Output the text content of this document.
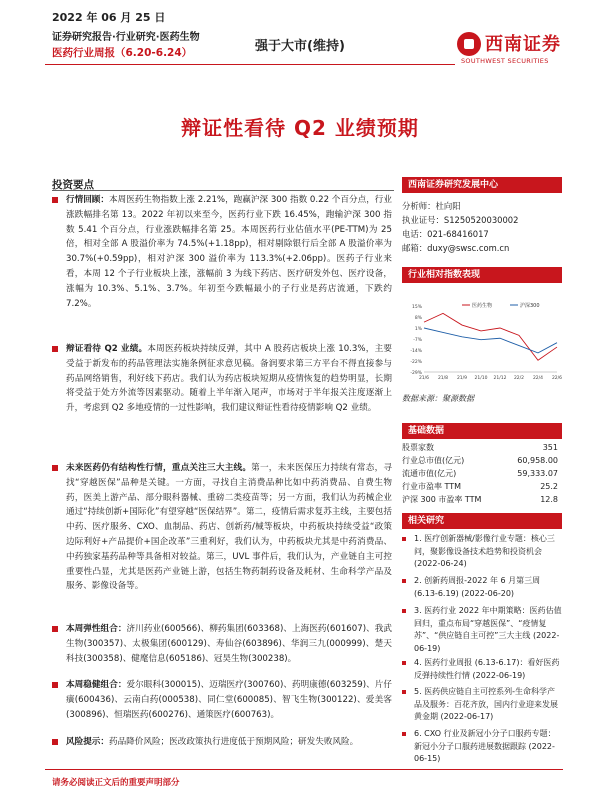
2022 年 06 月 25 日
证券研究报告·行业研究·医药生物
医药行业周报（6.20-6.24）	强于大市(维持)	西南证券
SOUTHWEST SECURITIES
辩证性看待 Q2 业绩预期
投资要点
行情回顾：本周医药生物指数上涨 2.21%，跑赢沪深 300 指数 0.22 个百分点，行业涨跌幅排名第 13。2022 年初以来至今，医药行业下跌 16.45%，跑输沪深 300 指数 5.41 个百分点，行业涨跌幅排名第 25。本周医药行业估值水平(PE-TTM)为 25 倍，相对全部 A 股溢价率为 74.5%(+1.18pp)，相对剔除银行后全部 A 股溢价率为 30.7%(+0.59pp)，相对沪深 300 溢价率为 113.3%(+2.06pp)。医药子行业来看，本周 12 个子行业板块上涨，涨幅前 3 为线下药店、医疗研发外包、医疗设备，涨幅为 10.3%、5.1%、3.7%。年初至今跌幅最小的子行业是药店流通，下跌约 7.2%。
辩证看待 Q2 业绩。本周医药板块持续反弹，其中 A 股药店板块上涨 10.3%，主要受益于新发布的药品管理法实施条例征求意见稿。备润要求第三方平台不得直接参与药品网络销售，利好线下药店。我们认为药店板块短期从疫情恢复的趋势明显，长期将受益于处方外流等因素驱动。随着上半年渐入尾声，市场对于半年报关注度逐渐上升，考虑到 Q2 多地疫情的一过性影响，我们建议辩证性看待疫情影响 Q2 业绩。
未来医药仍有结构性行情，重点关注三大主线。第一，未来医保压力持续有常态，寻找“穿越医保”品种是关键。一方面，寻找自主消费品种比如中药消费品、自费生物药，医美上游产品、部分眼科器械、重磅二类疫苗等；另一方面，我们认为药械企业通过“持续创新+国际化”有望穿越“医保结界”。第二，疫情后需求复苏主线，主要包括中药、医疗服务、CXO、血制品、药店、创新药/械等板块，中药板块持续受益“政策边际利好+产品提价+国企改革”三重利好，我们认为，中药板块尤其是中药消费品、中药独家基药品种等具备相对较益。第三，UVL 事件后，我们认为，产业链自主可控重要性凸显，尤其是医药产业链上游，包括生物药制药设备及耗材、生命科学产品及服务、影像设备等。
本周弹性组合：济川药业(600566)、柳药集团(603368)、上海医药(601607)、我武生物(300357)、太极集团(600129)、寿仙谷(603896)、华润三九(000999)、楚天科技(300358)、健麾信息(605186)、冠昊生物(300238)。
本周稳健组合：爱尔眼科(300015)、迈瑞医疗(300760)、药明康德(603259)、片仔癀(600436)、云南白药(000538)、同仁堂(600085)、智飞生物(300122)、爱美客(300896)、恒瑞医药(600276)、通策医疗(600763)。
风险提示：药品降价风险；医改政策执行进度低于预期风险；研发失败风险。
西南证券研究发展中心
分析师：杜向阳
执业证号：S1250520030002
电话：021-68416017
邮箱：duxy@swsc.com.cn
行业相对指数表现
15%
8%
1%
-7%
-14%
-22%
-29%
21/6 21/8 21/9 21/10 21/12 22/2 22/4 22/6
医药生物	沪深300
数据来源：聚源数据
基础数据
股票家数	351
行业总市值(亿元)	60,958.00
流通市值(亿元)	59,333.07
行业市盈率 TTM	25.2
沪深 300 市盈率 TTM	12.8
相关研究
1. 医疗创新器械/影像行业专题：核心三问，聚影像设备技术趋势和投资机会 (2022-06-24)
2. 创新药周报-2022 年 6 月第三周 (6.13-6.19) (2022-06-20)
3. 医药行业 2022 年中期策略：医药估值回归，重点布局“穿越医保”、“疫情复苏”、“供应链自主可控”三大主线 (2022-06-19)
4. 医药行业周报 (6.13-6.17)：看好医药反弹持续性行情 (2022-06-19)
5. 医药供应链自主可控系列-生命科学产品及服务：百花齐放，国内行业迎来发展黄金期 (2022-06-17)
6. CXO 行业及新冠小分子口服药专题：新冠小分子口服药进展数据跟踪 (2022-06-15)
请务必阅读正文后的重要声明部分
